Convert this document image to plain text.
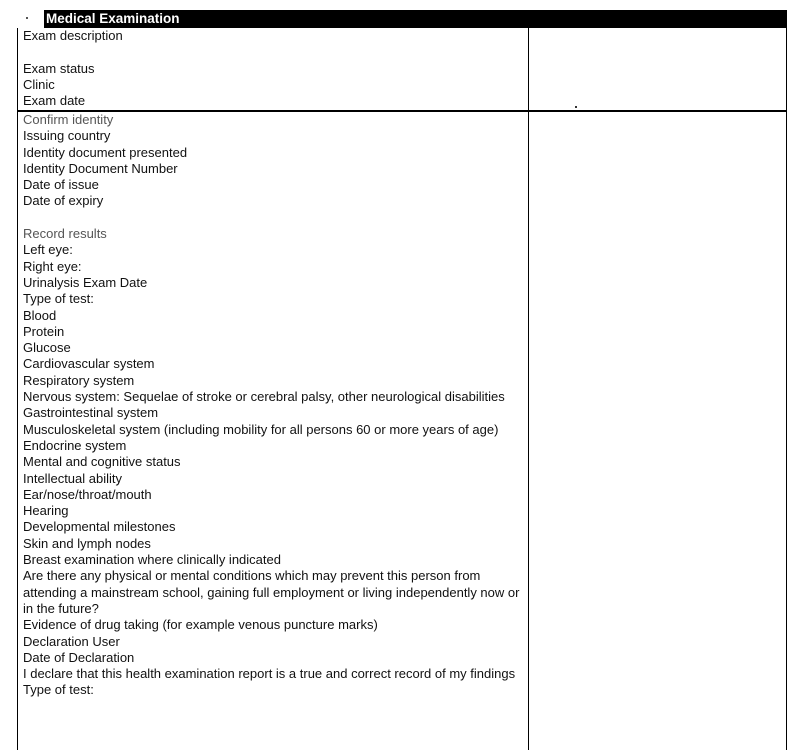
Medical Examination
Exam description
Exam status
Clinic
Exam date
Confirm identity
Issuing country
Identity document presented
Identity Document Number
Date of issue
Date of expiry
Record results
Left eye:
Right eye:
Urinalysis Exam Date
Type of test:
Blood
Protein
Glucose
Cardiovascular system
Respiratory system
Nervous system: Sequelae of stroke or cerebral palsy, other neurological disabilities
Gastrointestinal system
Musculoskeletal system (including mobility for all persons 60 or more years of age)
Endocrine system
Mental and cognitive status
Intellectual ability
Ear/nose/throat/mouth
Hearing
Developmental milestones
Skin and lymph nodes
Breast examination where clinically indicated
Are there any physical or mental conditions which may prevent this person from attending a mainstream school, gaining full employment or living independently now or in the future?
Evidence of drug taking (for example venous puncture marks)
Declaration User
Date of Declaration
I declare that this health examination report is a true and correct record of my findings
Type of test:
